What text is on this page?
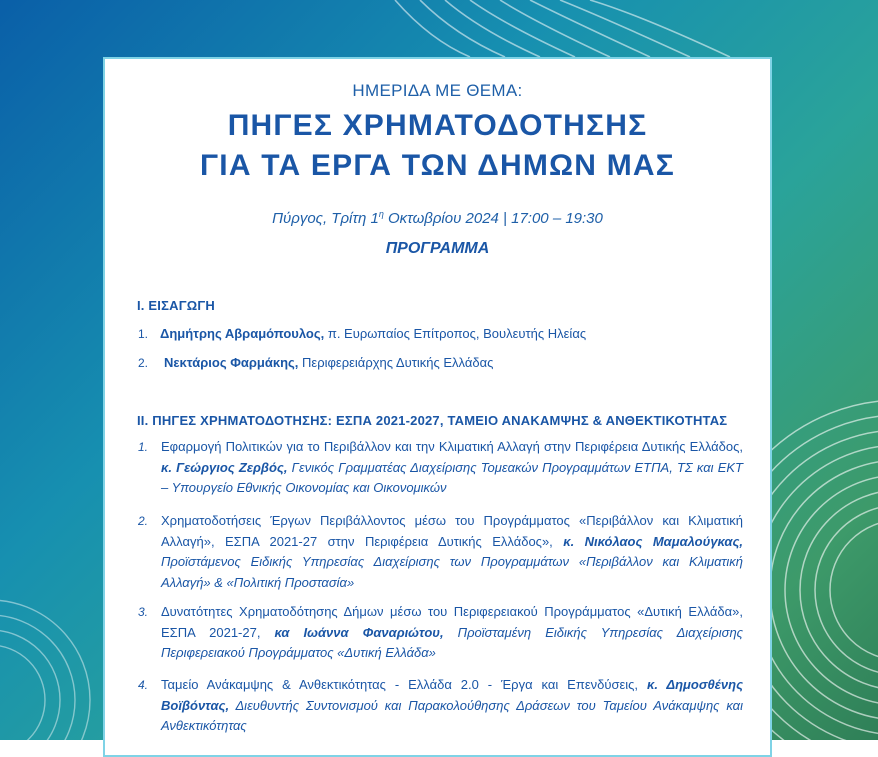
ΗΜΕΡΙΔΑ ΜΕ ΘΕΜΑ:
ΠΗΓΕΣ ΧΡΗΜΑΤΟΔΟΤΗΣΗΣ
ΓΙΑ ΤΑ ΕΡΓΑ ΤΩΝ ΔΗΜΩΝ ΜΑΣ
Πύργος, Τρίτη $1^\eta$ Οκτωβρίου 2024 | 17:00 – 19:30
ΠΡΟΓΡΑΜΜΑ
Ι. ΕΙΣΑΓΩΓΗ
1. Δημήτρης Αβραμόπουλος, π. Ευρωπαίος Επίτροπος, Βουλευτής Ηλείας
2. Νεκτάριος Φαρμάκης, Περιφερειάρχης Δυτικής Ελλάδας
ΙΙ. ΠΗΓΕΣ ΧΡΗΜΑΤΟΔΟΤΗΣΗΣ: ΕΣΠΑ 2021-2027, ΤΑΜΕΙΟ ΑΝΑΚΑΜΨΗΣ & ΑΝΘΕΚΤΙΚΟΤΗΤΑΣ
1. Εφαρμογή Πολιτικών για το Περιβάλλον και την Κλιματική Αλλαγή στην Περιφέρεια Δυτικής Ελλάδος, κ. Γεώργιος Ζερβός, Γενικός Γραμματέας Διαχείρισης Τομεακών Προγραμμάτων ΕΤΠΑ, ΤΣ και ΕΚΤ – Υπουργείο Εθνικής Οικονομίας και Οικονομικών
2. Χρηματοδοτήσεις Έργων Περιβάλλοντος μέσω του Προγράμματος «Περιβάλλον και Κλιματική Αλλαγή», ΕΣΠΑ 2021-27 στην Περιφέρεια Δυτικής Ελλάδος», κ. Νικόλαος Μαμαλούγκας, Προϊστάμενος Ειδικής Υπηρεσίας Διαχείρισης των Προγραμμάτων «Περιβάλλον και Κλιματική Αλλαγή» & «Πολιτική Προστασία»
3. Δυνατότητες Χρηματοδότησης Δήμων μέσω του Περιφερειακού Προγράμματος «Δυτική Ελλάδα», ΕΣΠΑ 2021-27, κα Ιωάννα Φαναριώτου, Προϊσταμένη Ειδικής Υπηρεσίας Διαχείρισης Περιφερειακού Προγράμματος «Δυτική Ελλάδα»
4. Ταμείο Ανάκαμψης & Ανθεκτικότητας - Ελλάδα 2.0 - Έργα και Επενδύσεις, κ. Δημοσθένης Βοϊβόντας, Διευθυντής Συντονισμού και Παρακολούθησης Δράσεων του Ταμείου Ανάκαμψης και Ανθεκτικότητας
